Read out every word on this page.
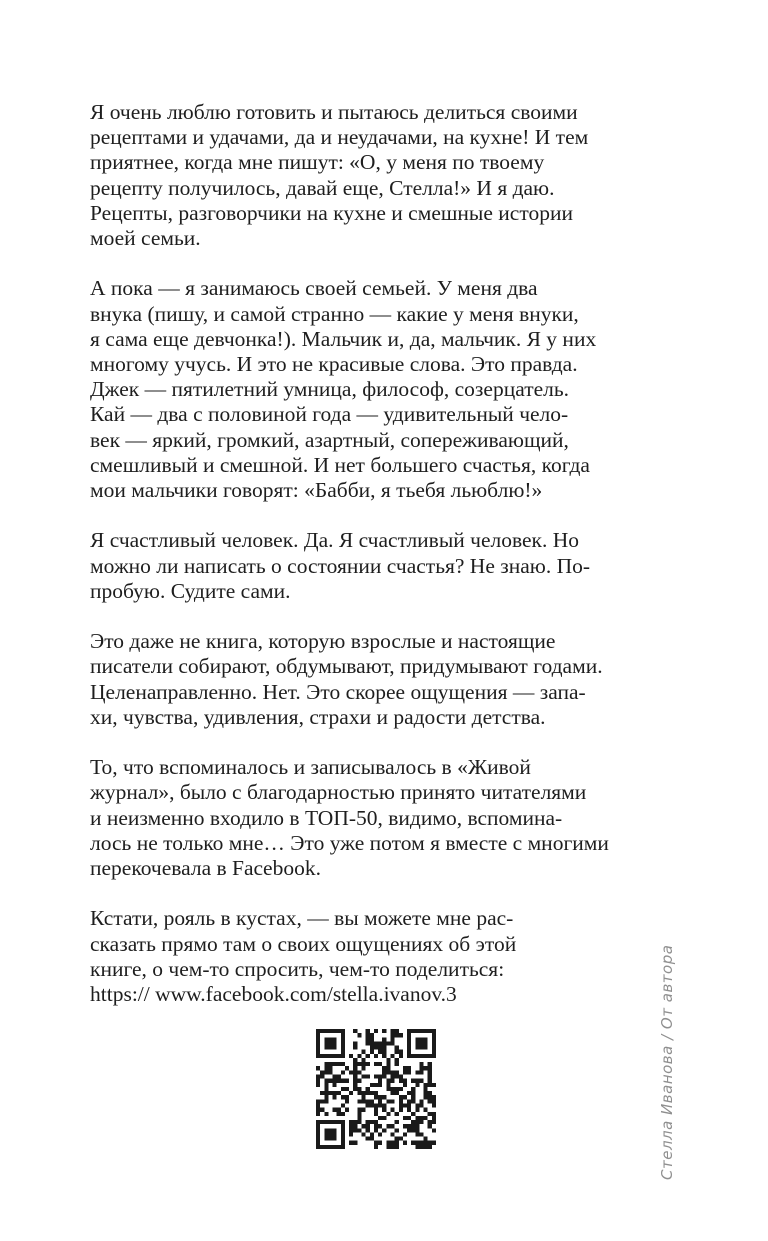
Я очень люблю готовить и пытаюсь делиться своими
рецептами и удачами, да и неудачами, на кухне! И тем
приятнее, когда мне пишут: «О, у меня по твоему
рецепту получилось, давай еще, Стелла!» И я даю.
Рецепты, разговорчики на кухне и смешные истории
моей семьи.

А пока — я занимаюсь своей семьей. У меня два
внука (пишу, и самой странно — какие у меня внуки,
я сама еще девчонка!). Мальчик и, да, мальчик. Я у них
многому учусь. И это не красивые слова. Это правда.
Джек — пятилетний умница, философ, созерцатель.
Кай — два с половиной года — удивительный чело-
век — яркий, громкий, азартный, сопереживающий,
смешливый и смешной. И нет большего счастья, когда
мои мальчики говорят: «Бабби, я тьебя льюблю!»

Я счастливый человек. Да. Я счастливый человек. Но
можно ли написать о состоянии счастья? Не знаю. По-
пробую. Судите сами.

Это даже не книга, которую взрослые и настоящие
писатели собирают, обдумывают, придумывают годами.
Целенаправленно. Нет. Это скорее ощущения — запа-
хи, чувства, удивления, страхи и радости детства.

То, что вспоминалось и записывалось в «Живой
журнал», было с благодарностью принято читателями
и неизменно входило в ТОП-50, видимо, вспомина-
лось не только мне… Это уже потом я вместе с многими
перекочевала в Facebook.

Кстати, рояль в кустах, — вы можете мне рас-
сказать прямо там о своих ощущениях об этой
книге, о чем-то спросить, чем-то поделиться:
https:// www.facebook.com/stella.ivanov.3	Стелла Иванова / От автора
